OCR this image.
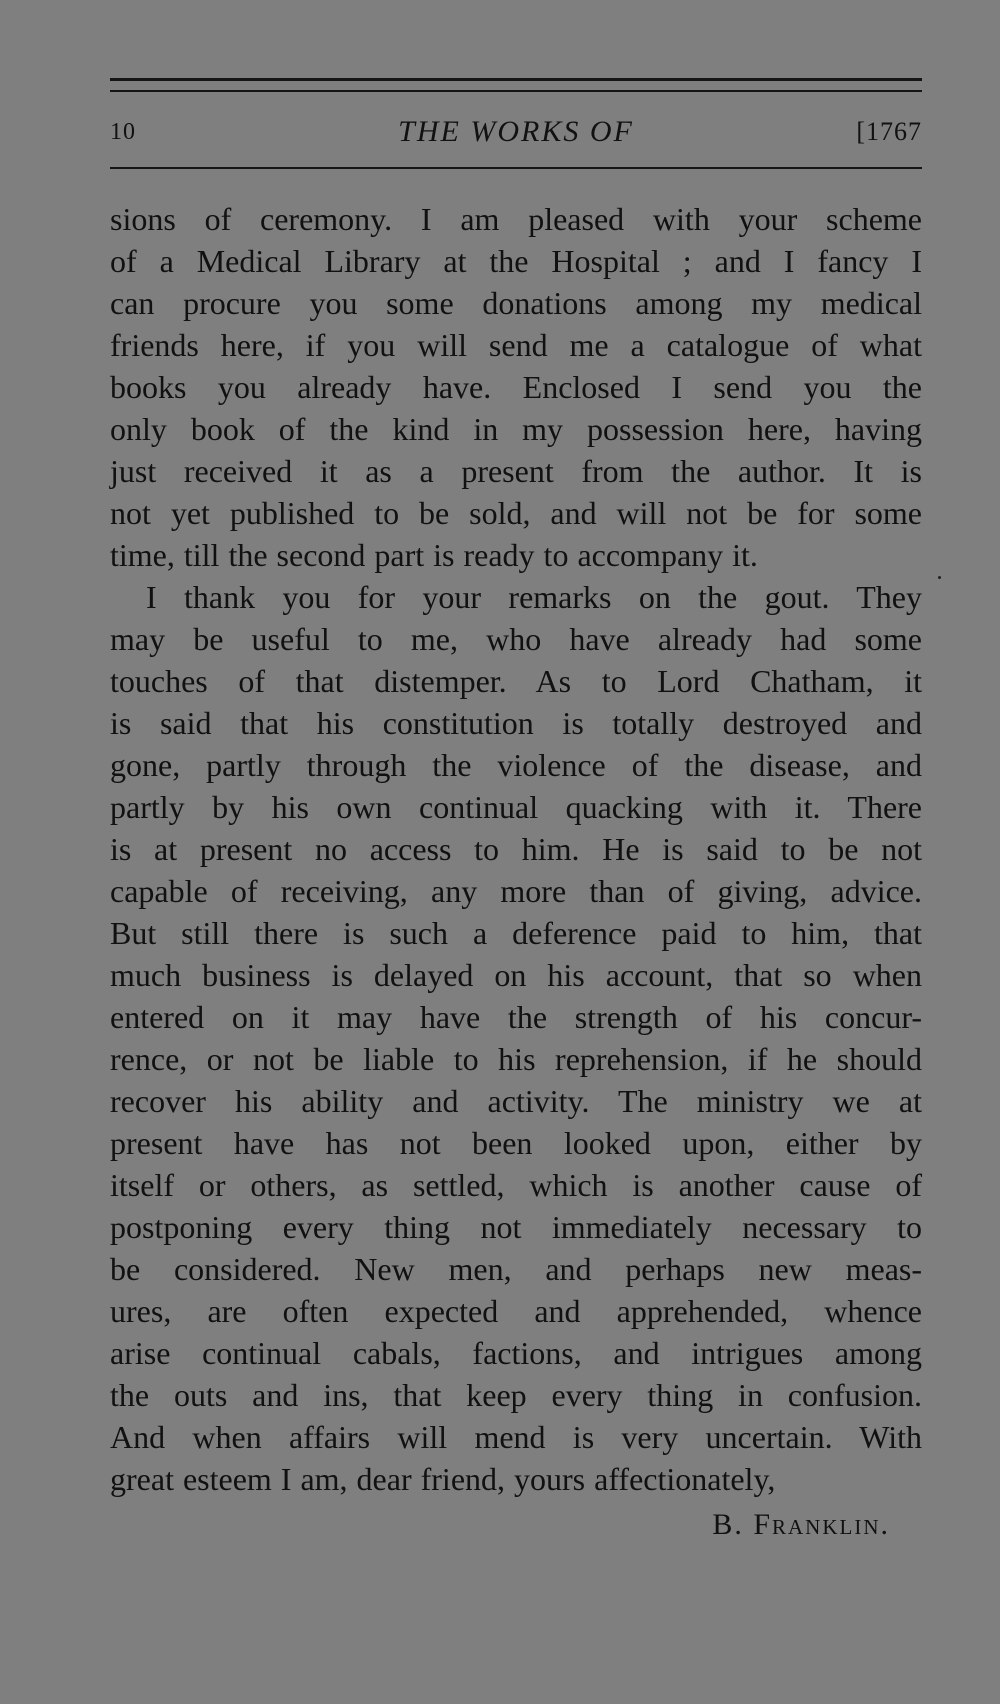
10	THE WORKS OF	[1767
sions of ceremony. I am pleased with your scheme
of a Medical Library at the Hospital ; and I fancy I
can procure you some donations among my medical
friends here, if you will send me a catalogue of what
books you already have. Enclosed I send you the
only book of the kind in my possession here, having
just received it as a present from the author. It is
not yet published to be sold, and will not be for some
time, till the second part is ready to accompany it.
I thank you for your remarks on the gout. They
may be useful to me, who have already had some
touches of that distemper. As to Lord Chatham, it
is said that his constitution is totally destroyed and
gone, partly through the violence of the disease, and
partly by his own continual quacking with it. There
is at present no access to him. He is said to be not
capable of receiving, any more than of giving, advice.
But still there is such a deference paid to him, that
much business is delayed on his account, that so when
entered on it may have the strength of his concur-
rence, or not be liable to his reprehension, if he should
recover his ability and activity. The ministry we at
present have has not been looked upon, either by
itself or others, as settled, which is another cause of
postponing every thing not immediately necessary to
be considered. New men, and perhaps new meas-
ures, are often expected and apprehended, whence
arise continual cabals, factions, and intrigues among
the outs and ins, that keep every thing in confusion.
And when affairs will mend is very uncertain. With
great esteem I am, dear friend, yours affectionately,
B. Franklin.
